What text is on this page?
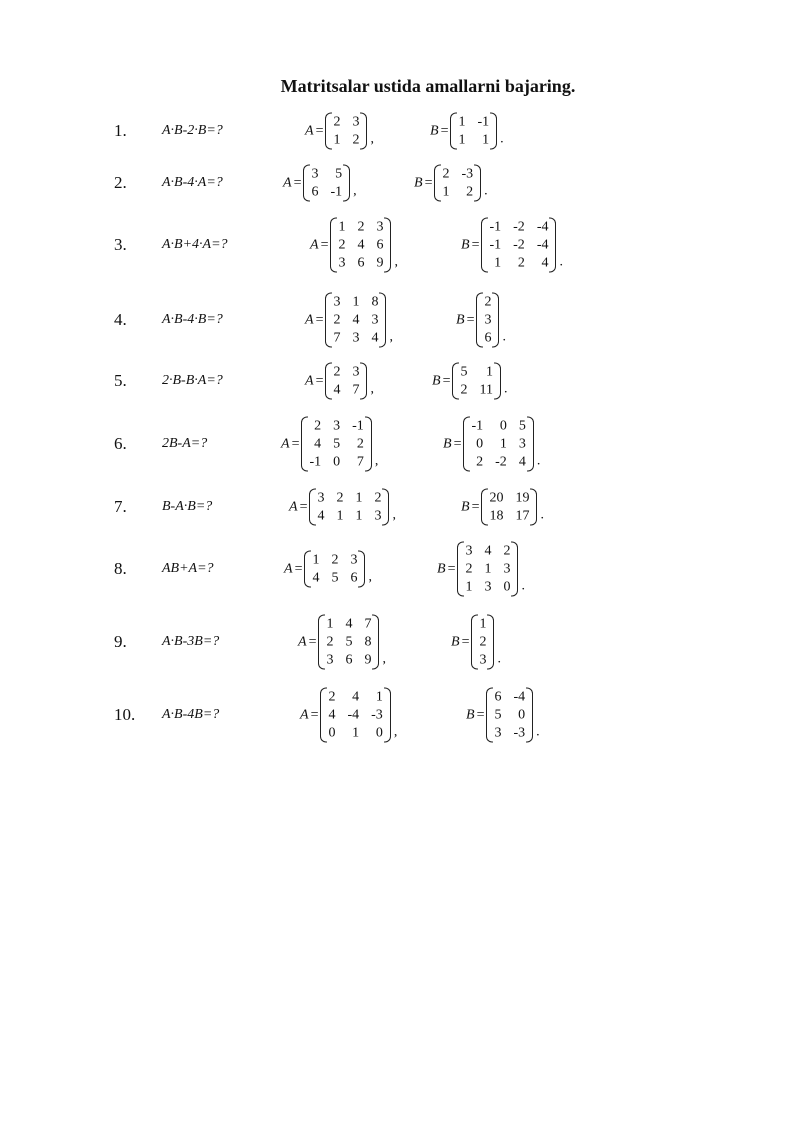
Matritsalar ustida amallarni bajaring.
1.	A·B-2·B=?	A =
2 3
1 2 ,
B =
1 -1
1	1 .
2.	A·B-4·A=?	A =
3	5
6 -1 ,
B =
2 -3
1	2 .
3.	A·B+4·A=?	A =
1 2 3
2 4 6
3 6 9 ,
B =
-1 -2 -4
-1 -2 -4
1	2	4 .
4.	A·B-4·B=?	A =
3 1 8
2 4 3
7 3 4 ,
B =
2
3
6 .
5.	2·B-B·A=?	A =
2 3
4 7 ,
B =
5	1
2 11 .
6.	2B-A=?	A =
2 3 -1
4 5	2
-1 0	7 ,
B =
-1	0 5
0	1 3
2 -2 4 .
7.	B-A·B=?	A =
3 2 1 2
4 1 1 3 ,
B =
20 19
18 17 .
8.	AB+A=?	A =
1 2 3
4 5 6 ,
B =
3 4 2
2 1 3
1 3 0 .
9.	A·B-3B=?	A =
1 4 7
2 5 8
3 6 9 ,
B =
1
2
3 .
10. A·B-4B=?	A =
2	4	1
4 -4 -3
0	1	0 ,
B =
6 -4
5	0
3 -3 .
